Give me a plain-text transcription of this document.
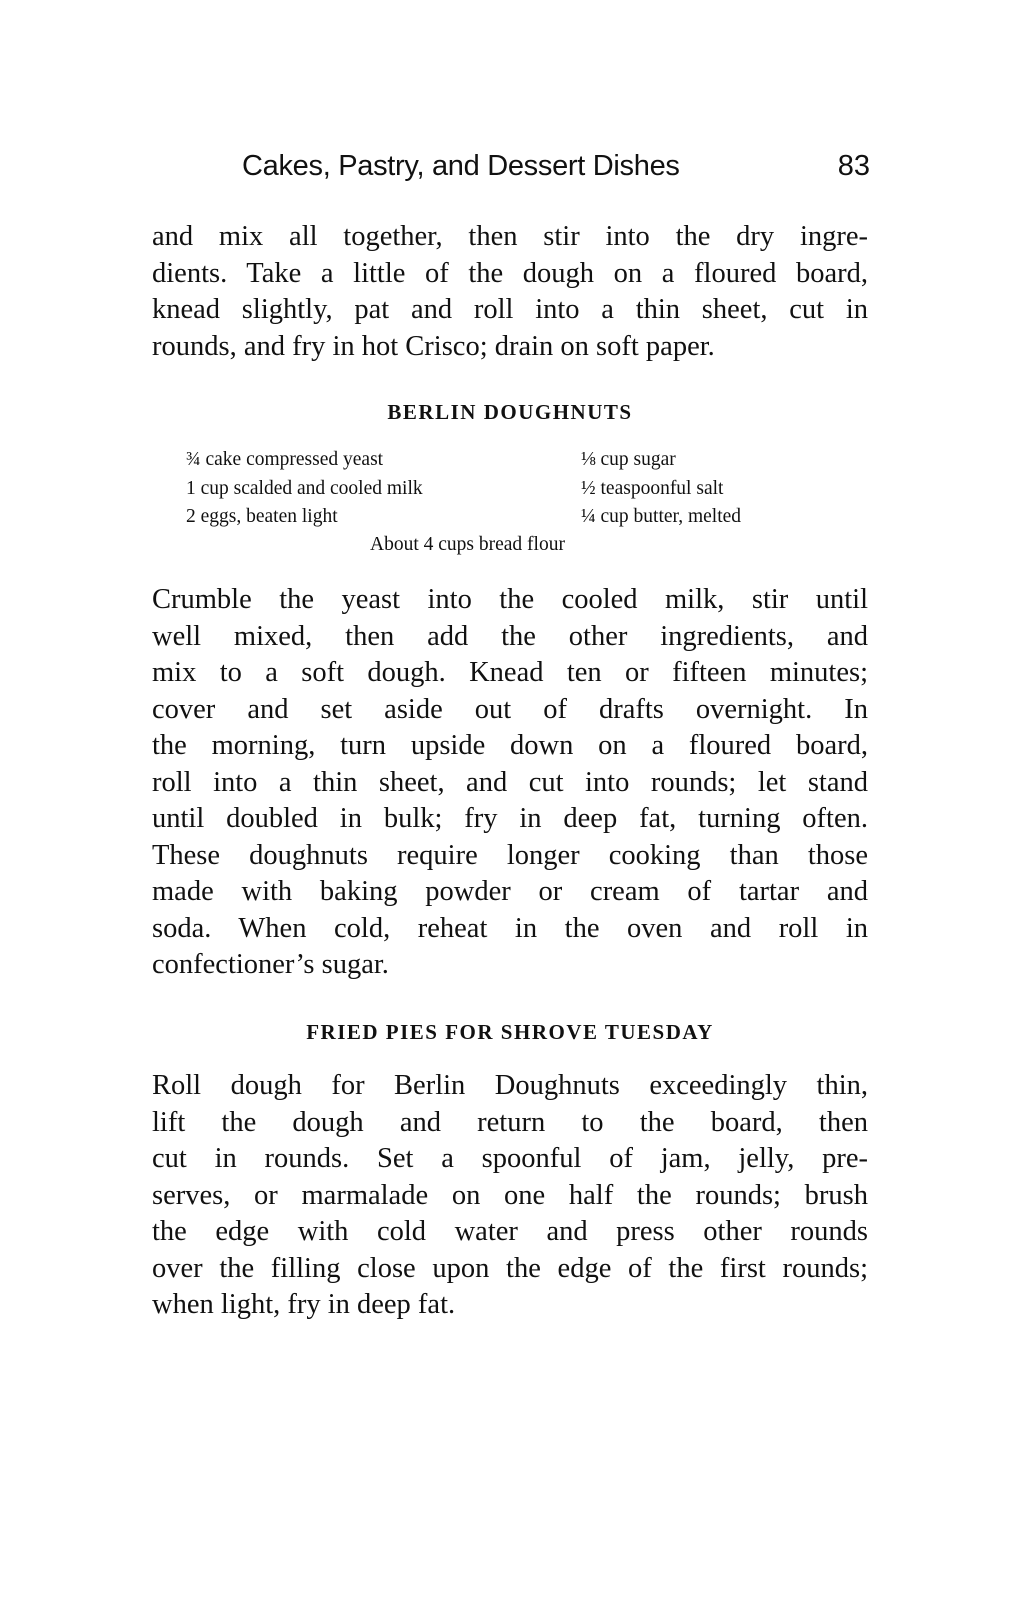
Cakes, Pastry, and Dessert Dishes	83
and mix all together, then stir into the dry ingre-
dients. Take a little of the dough on a floured board,
knead slightly, pat and roll into a thin sheet, cut in
rounds, and fry in hot Crisco; drain on soft paper.
BERLIN DOUGHNUTS
¾ cake compressed yeast	⅛ cup sugar
1 cup scalded and cooled milk	½ teaspoonful salt
2 eggs, beaten light	¼ cup butter, melted
About 4 cups bread flour
Crumble the yeast into the cooled milk, stir until
well mixed, then add the other ingredients, and
mix to a soft dough. Knead ten or fifteen minutes;
cover and set aside out of drafts overnight. In
the morning, turn upside down on a floured board,
roll into a thin sheet, and cut into rounds; let stand
until doubled in bulk; fry in deep fat, turning often.
These doughnuts require longer cooking than those
made with baking powder or cream of tartar and
soda. When cold, reheat in the oven and roll in
confectioner’s sugar.
FRIED PIES FOR SHROVE TUESDAY
Roll dough for Berlin Doughnuts exceedingly thin,
lift the dough and return to the board, then
cut in rounds. Set a spoonful of jam, jelly, pre-
serves, or marmalade on one half the rounds; brush
the edge with cold water and press other rounds
over the filling close upon the edge of the first rounds;
when light, fry in deep fat.
